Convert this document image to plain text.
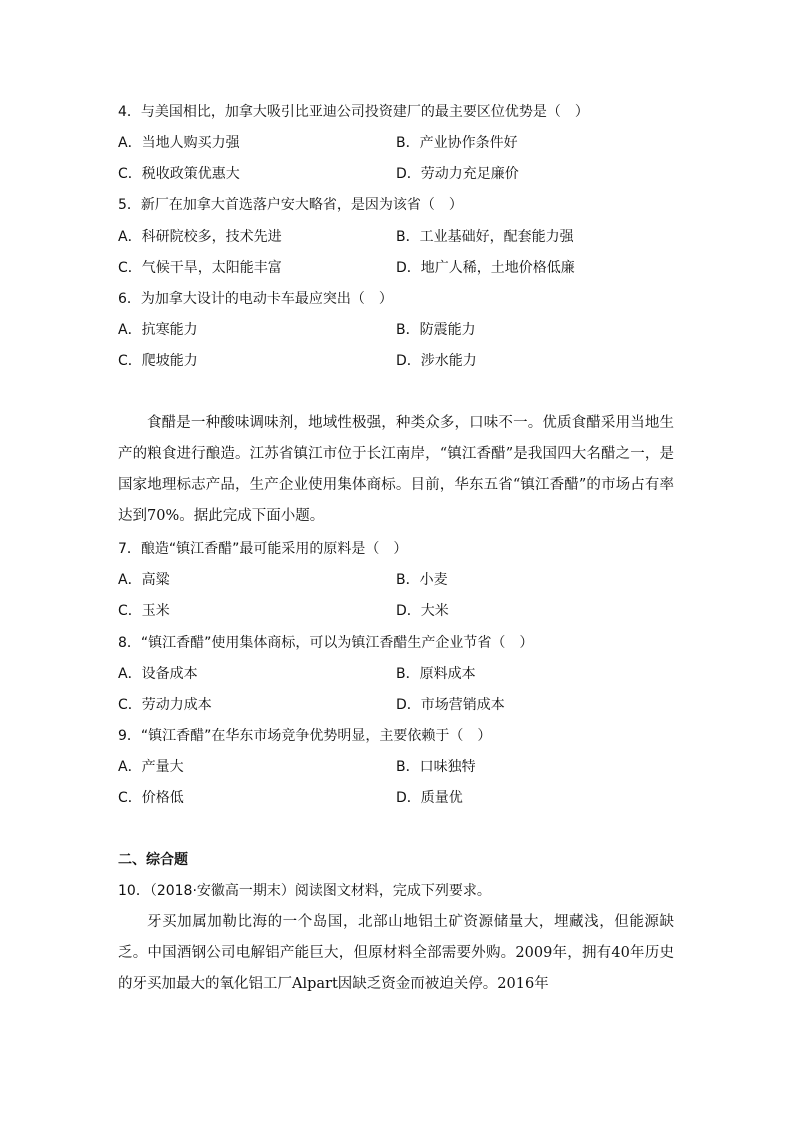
4．与美国相比，加拿大吸引比亚迪公司投资建厂的最主要区位优势是（　）
A．当地人购买力强	B．产业协作条件好
C．税收政策优惠大	D．劳动力充足廉价
5．新厂在加拿大首选落户安大略省，是因为该省（　）
A．科研院校多，技术先进	B．工业基础好，配套能力强
C．气候干旱，太阳能丰富	D．地广人稀，土地价格低廉
6．为加拿大设计的电动卡车最应突出（　）
A．抗寒能力	B．防震能力
C．爬坡能力	D．涉水能力
食醋是一种酸味调味剂，地域性极强，种类众多，口味不一。优质食醋采用当地生产的粮食进行酿造。江苏省镇江市位于长江南岸，“镇江香醋”是我国四大名醋之一，是国家地理标志产品，生产企业使用集体商标。目前，华东五省“镇江香醋”的市场占有率达到70%。据此完成下面小题。
7．酿造“镇江香醋”最可能采用的原料是（　）
A．高粱	B．小麦
C．玉米	D．大米
8．“镇江香醋”使用集体商标，可以为镇江香醋生产企业节省（　）
A．设备成本	B．原料成本
C．劳动力成本	D．市场营销成本
9．“镇江香醋”在华东市场竞争优势明显，主要依赖于（　）
A．产量大	B．口味独特
C．价格低	D．质量优
二、综合题
10．（2018·安徽高一期末）阅读图文材料，完成下列要求。
牙买加属加勒比海的一个岛国，北部山地铝土矿资源储量大，埋藏浅，但能源缺乏。中国酒钢公司电解铝产能巨大，但原材料全部需要外购。2009年，拥有40年历史的牙买加最大的氧化铝工厂Alpart因缺乏资金而被迫关停。2016年
